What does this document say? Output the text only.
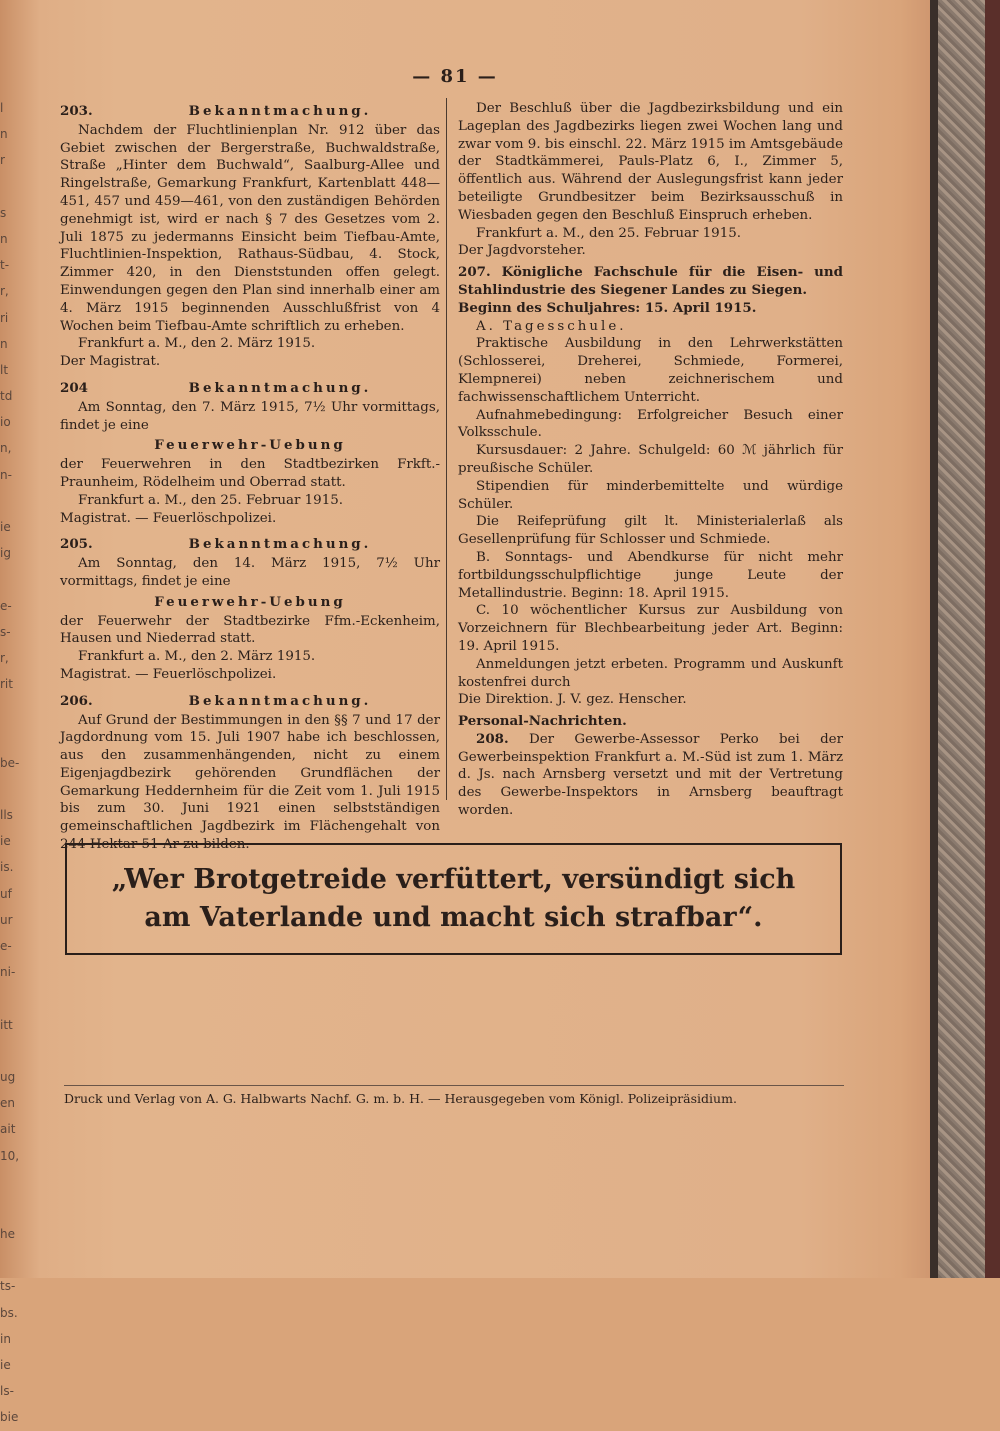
l
n
r
s
n
t-
r,
ri
n
lt
td
io
n,
n-
ie
ig
e-
s-
r,
rit
be-
lls
ie
is.
uf
ur
e-
ni-
itt
ug
en
ait
10,
he
ts-
bs.
in
ie
ls-
bie
— 81 —
203.	Bekanntmachung.

Nachdem der Fluchtlinienplan Nr. 912 über das Gebiet zwischen der Bergerstraße, Buchwaldstraße, Straße „Hinter dem Buchwald“, Saalburg-Allee und Ringelstraße, Gemarkung Frankfurt, Kartenblatt 448—451, 457 und 459—461, von den zuständigen Behörden genehmigt ist, wird er nach § 7 des Gesetzes vom 2. Juli 1875 zu jedermanns Einsicht beim Tiefbau-Amte, Fluchtlinien-Inspektion, Rathaus-Südbau, 4. Stock, Zimmer 420, in den Dienststunden offen gelegt. Einwendungen gegen den Plan sind innerhalb einer am 4. März 1915 beginnenden Ausschlußfrist von 4 Wochen beim Tiefbau-Amte schriftlich zu erheben.

Frankfurt a. M., den 2. März 1915.

Der Magistrat.

204	Bekanntmachung.

Am Sonntag, den 7. März 1915, 7½ Uhr vormittags, findet je eine

Feuerwehr-Uebung

der Feuerwehren in den Stadtbezirken Frkft.-Praunheim, Rödelheim und Oberrad statt.

Frankfurt a. M., den 25. Februar 1915.

Magistrat. — Feuerlöschpolizei.

205.	Bekanntmachung.

Am Sonntag, den 14. März 1915, 7½ Uhr vormittags, findet je eine

Feuerwehr-Uebung

der Feuerwehr der Stadtbezirke Ffm.-Eckenheim, Hausen und Niederrad statt.

Frankfurt a. M., den 2. März 1915.

Magistrat. — Feuerlöschpolizei.

206.	Bekanntmachung.

Auf Grund der Bestimmungen in den §§ 7 und 17 der Jagdordnung vom 15. Juli 1907 habe ich beschlossen, aus den zusammenhängenden, nicht zu einem Eigenjagdbezirk gehörenden Grundflächen der Gemarkung Heddernheim für die Zeit vom 1. Juli 1915 bis zum 30. Juni 1921 einen selbstständigen gemeinschaftlichen Jagdbezirk im Flächengehalt von 244 Hektar 51 Ar zu bilden.

Der Beschluß über die Jagdbezirksbildung und ein Lageplan des Jagdbezirks liegen zwei Wochen lang und zwar vom 9. bis einschl. 22. März 1915 im Amtsgebäude der Stadtkämmerei, Pauls-Platz 6, I., Zimmer 5, öffentlich aus. Während der Auslegungsfrist kann jeder beteiligte Grundbesitzer beim Bezirksausschuß in Wiesbaden gegen den Beschluß Einspruch erheben.

Frankfurt a. M., den 25. Februar 1915.

Der Jagdvorsteher.

207. Königliche Fachschule für die Eisen- und Stahlindustrie des Siegener Landes zu Siegen.

Beginn des Schuljahres: 15. April 1915.

A. Tagesschule.

Praktische Ausbildung in den Lehrwerkstätten (Schlosserei, Dreherei, Schmiede, Formerei, Klempnerei) neben zeichnerischem und fachwissenschaftlichem Unterricht.

Aufnahmebedingung: Erfolgreicher Besuch einer Volksschule.

Kursusdauer: 2 Jahre. Schulgeld: 60 ℳ jährlich für preußische Schüler.

Stipendien für minderbemittelte und würdige Schüler.

Die Reifeprüfung gilt lt. Ministerialerlaß als Gesellenprüfung für Schlosser und Schmiede.

B. Sonntags- und Abendkurse für nicht mehr fortbildungsschulpflichtige junge Leute der Metallindustrie. Beginn: 18. April 1915.

C. 10 wöchentlicher Kursus zur Ausbildung von Vorzeichnern für Blechbearbeitung jeder Art. Beginn: 19. April 1915.

Anmeldungen jetzt erbeten. Programm und Auskunft kostenfrei durch

Die Direktion. J. V. gez. Henscher.

Personal-Nachrichten.

208. Der Gewerbe-Assessor Perko bei der Gewerbeinspektion Frankfurt a. M.-Süd ist zum 1. März d. Js. nach Arnsberg versetzt und mit der Vertretung des Gewerbe-Inspektors in Arnsberg beauftragt worden.

„Wer Brotgetreide verfüttert, versündigt sich
am Vaterlande und macht sich strafbar“.
Druck und Verlag von A. G. Halbwarts Nachf. G. m. b. H. — Herausgegeben vom Königl. Polizeipräsidium.
